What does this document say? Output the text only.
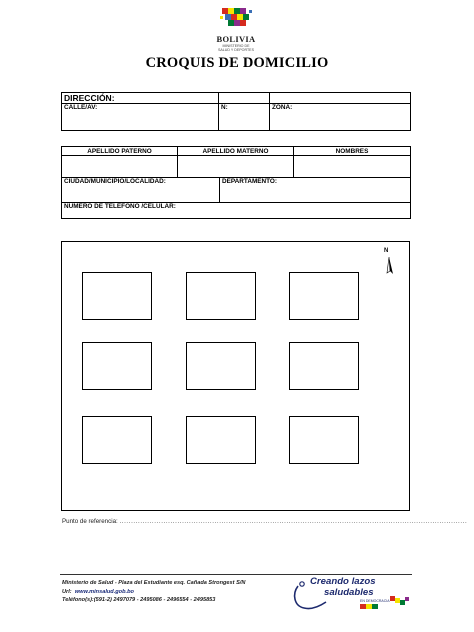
BOLIVIA
MINISTERIO DE
SALUD Y DEPORTES
CROQUIS DE DOMICILIO
DIRECCIÓN:		
CALLE/AV:	N:	ZONA:
APELLIDO PATERNO	APELLIDO MATERNO		NOMBRES

CIUDAD/MUNICIPIO/LOCALIDAD:		DEPARTAMENTO:	
NÚMERO DE TELEFONO /CELULAR:			
N
Punto de referencia: ......................................................................................................................................................
Ministerio de Salud - Plaza del Estudiante esq. Cañada Strongest S/N
Url: www.minsalud.gob.bo
Teléfono(s):(591-2) 2497079 - 2495086 - 2496554 - 2495853
Creando lazos
saludables
EN DEMOCRACIA
